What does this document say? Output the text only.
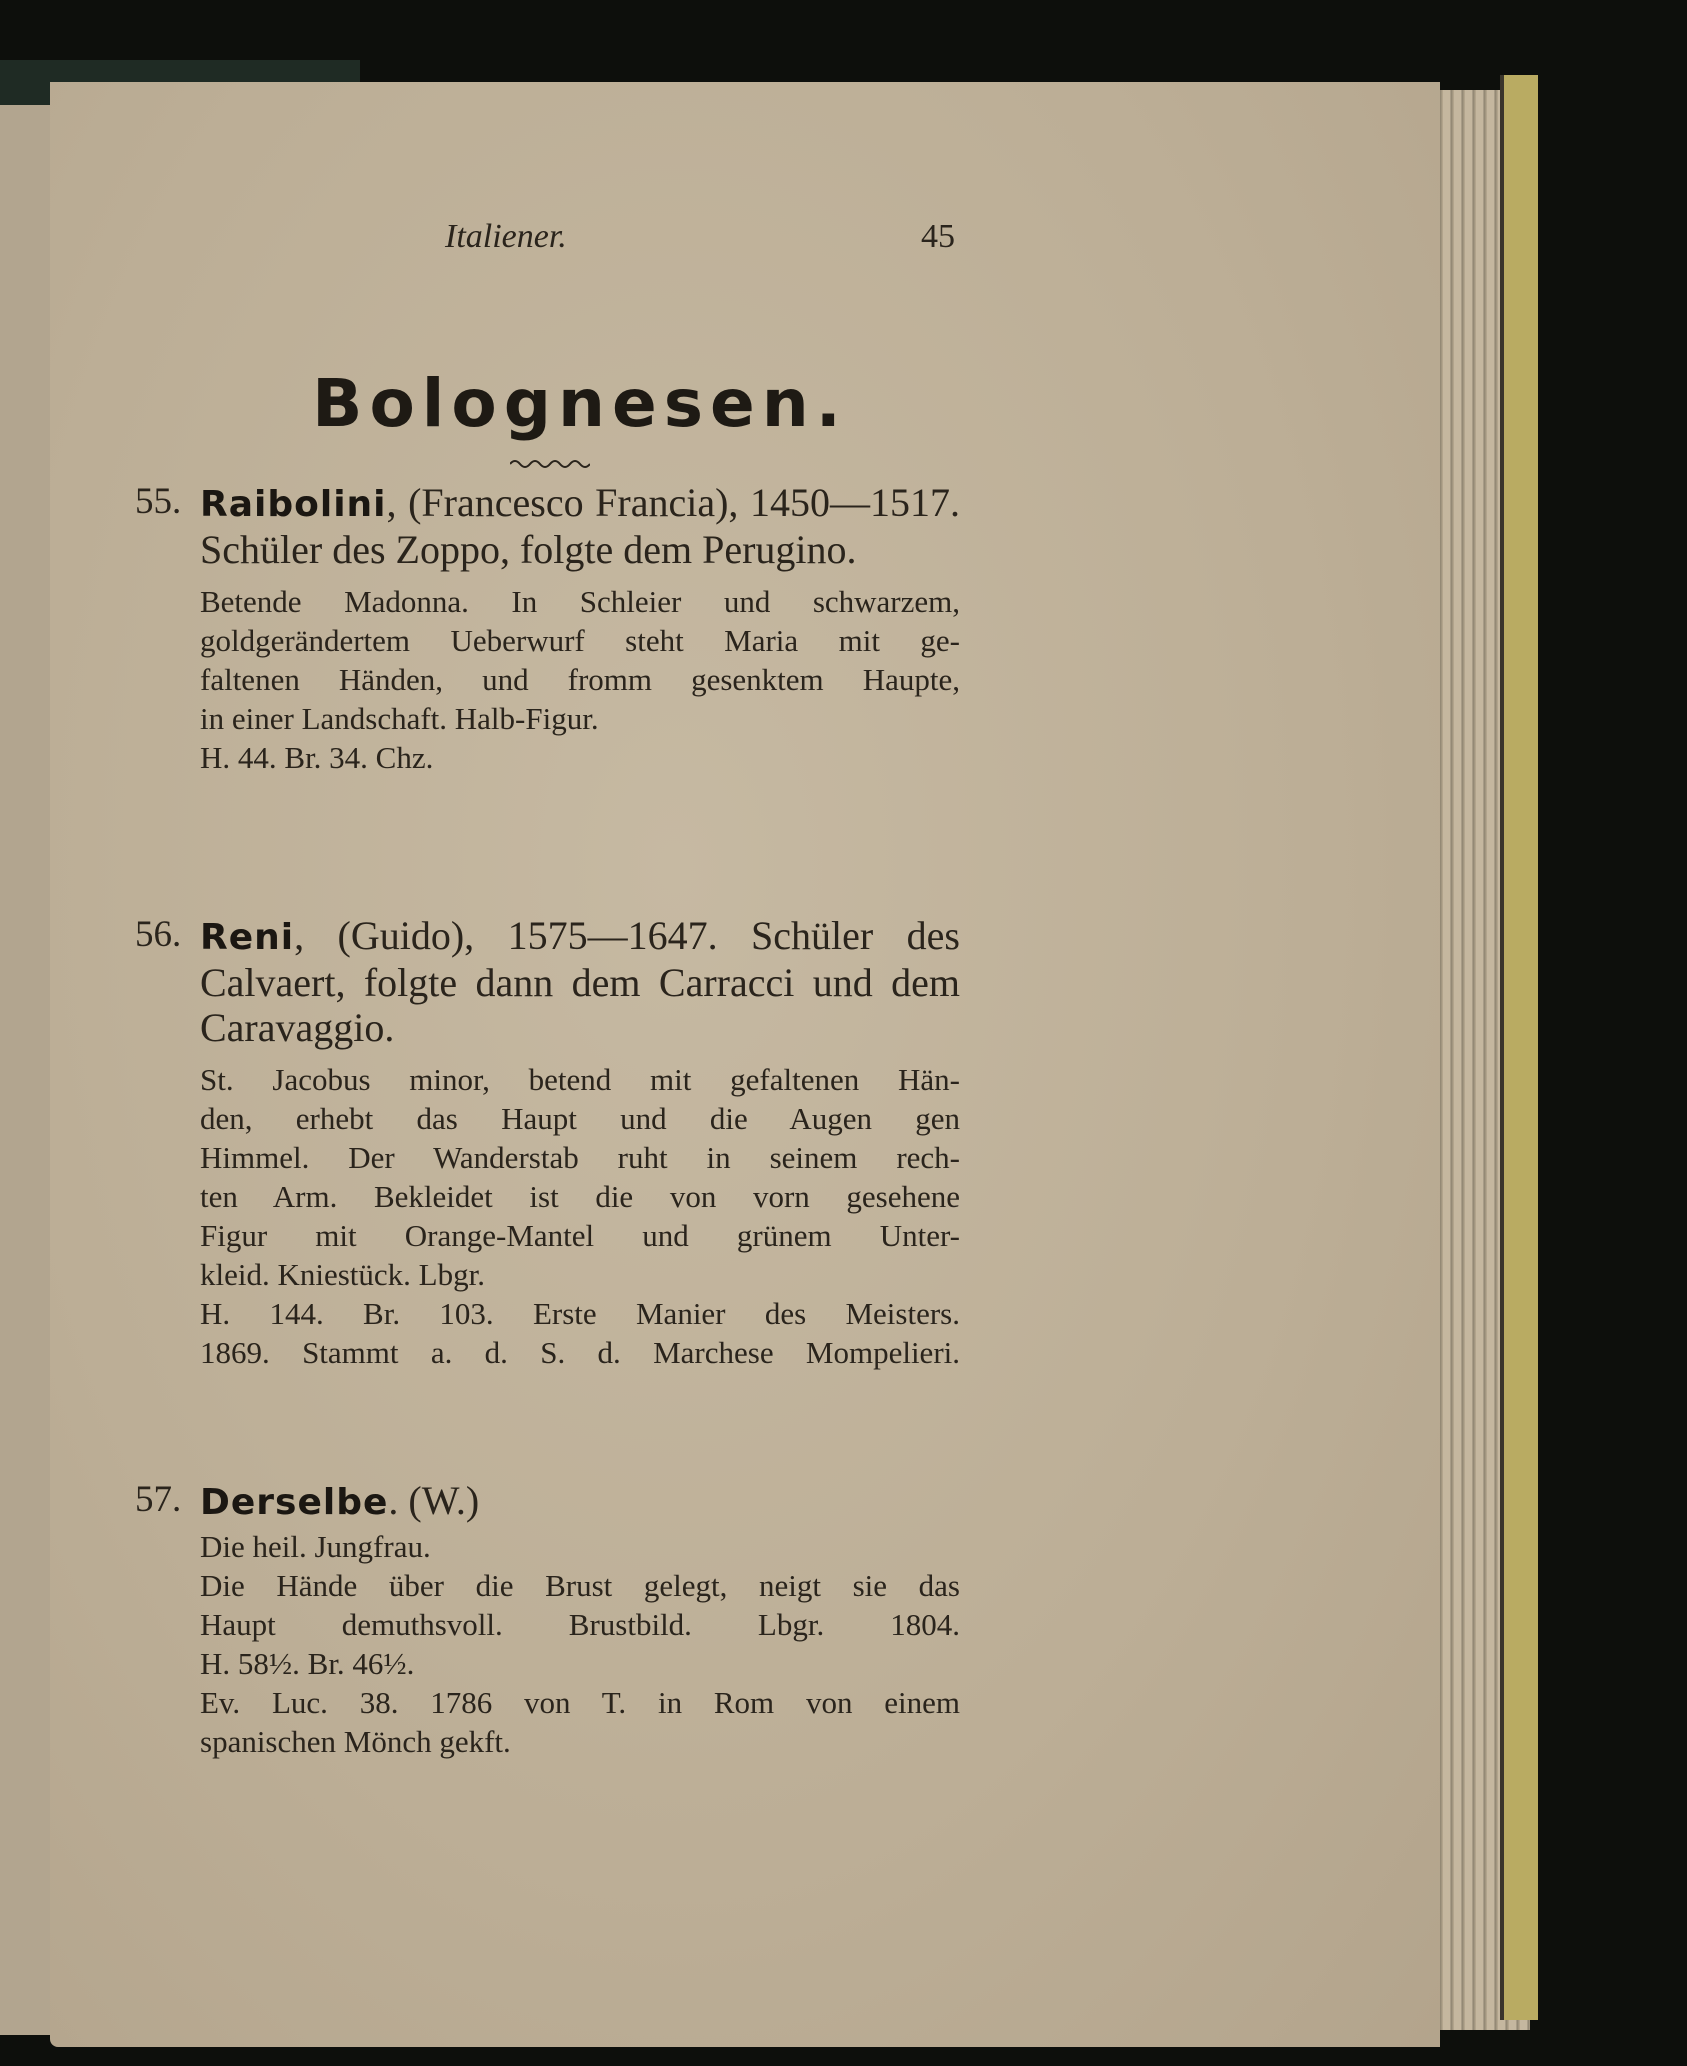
Italiener.	45
Bolognesen.
55. Raibolini, (Francesco Francia), 1450—1517. Schüler des Zoppo, folgte dem Perugino.
Betende Madonna. In Schleier und schwarzem,
goldgerändertem Ueberwurf steht Maria mit ge-
faltenen Händen, und fromm gesenktem Haupte,
in einer Landschaft. Halb-Figur.
H. 44. Br. 34. Chz.
56. Reni, (Guido), 1575—1647. Schüler des Calvaert, folgte dann dem Carracci und dem Caravaggio.
St. Jacobus minor, betend mit gefaltenen Hän-
den, erhebt das Haupt und die Augen gen
Himmel. Der Wanderstab ruht in seinem rech-
ten Arm. Bekleidet ist die von vorn gesehene
Figur mit Orange-Mantel und grünem Unter-
kleid. Kniestück. Lbgr.
H. 144. Br. 103. Erste Manier des Meisters.
1869. Stammt a. d. S. d. Marchese Mompelieri.
57. Derselbe. (W.)
Die heil. Jungfrau.
Die Hände über die Brust gelegt, neigt sie das
Haupt demuthsvoll. Brustbild. Lbgr. 1804.
H. 58½. Br. 46½.
Ev. Luc. 38. 1786 von T. in Rom von einem
spanischen Mönch gekft.
